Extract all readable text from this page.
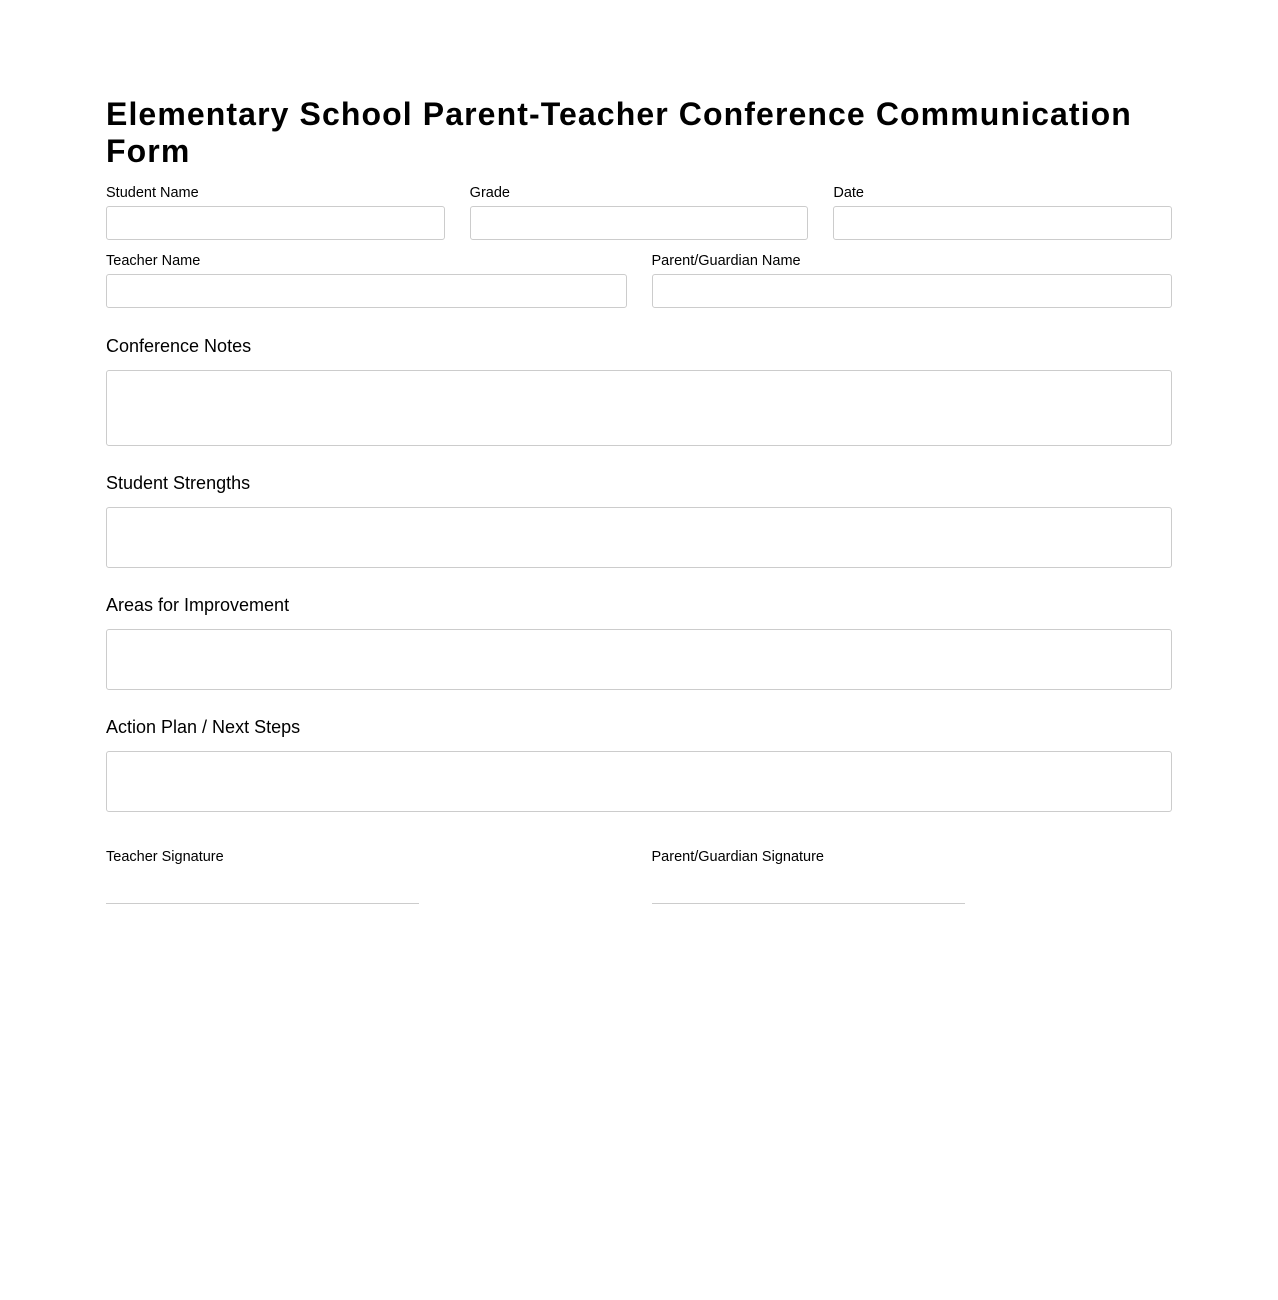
Elementary School Parent-Teacher Conference Communication Form
Student Name	Grade	Date
Teacher Name	Parent/Guardian Name
Conference Notes
Student Strengths
Areas for Improvement
Action Plan / Next Steps
Teacher Signature	Parent/Guardian Signature
